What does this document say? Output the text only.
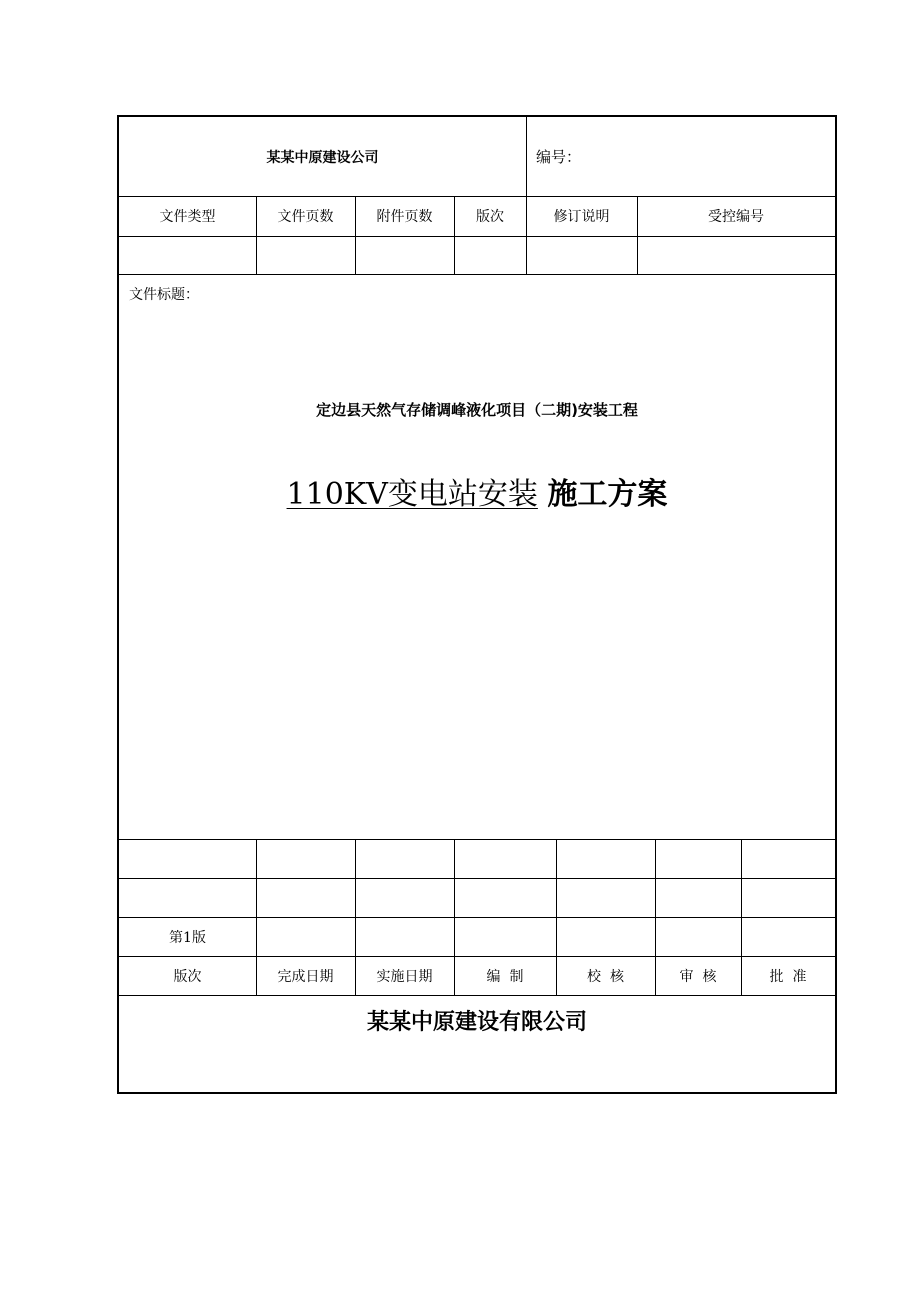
某某中原建设公司	编号：
文件类型	文件页数	附件页数	版次	修订说明	受控编号
文件标题：
定边县天然气存储调峰液化项目（二期)安装工程
110KV变电站安装 施工方案
第1版
版次	完成日期	实施日期	编  制	校  核	审  核	批  准
某某中原建设有限公司
